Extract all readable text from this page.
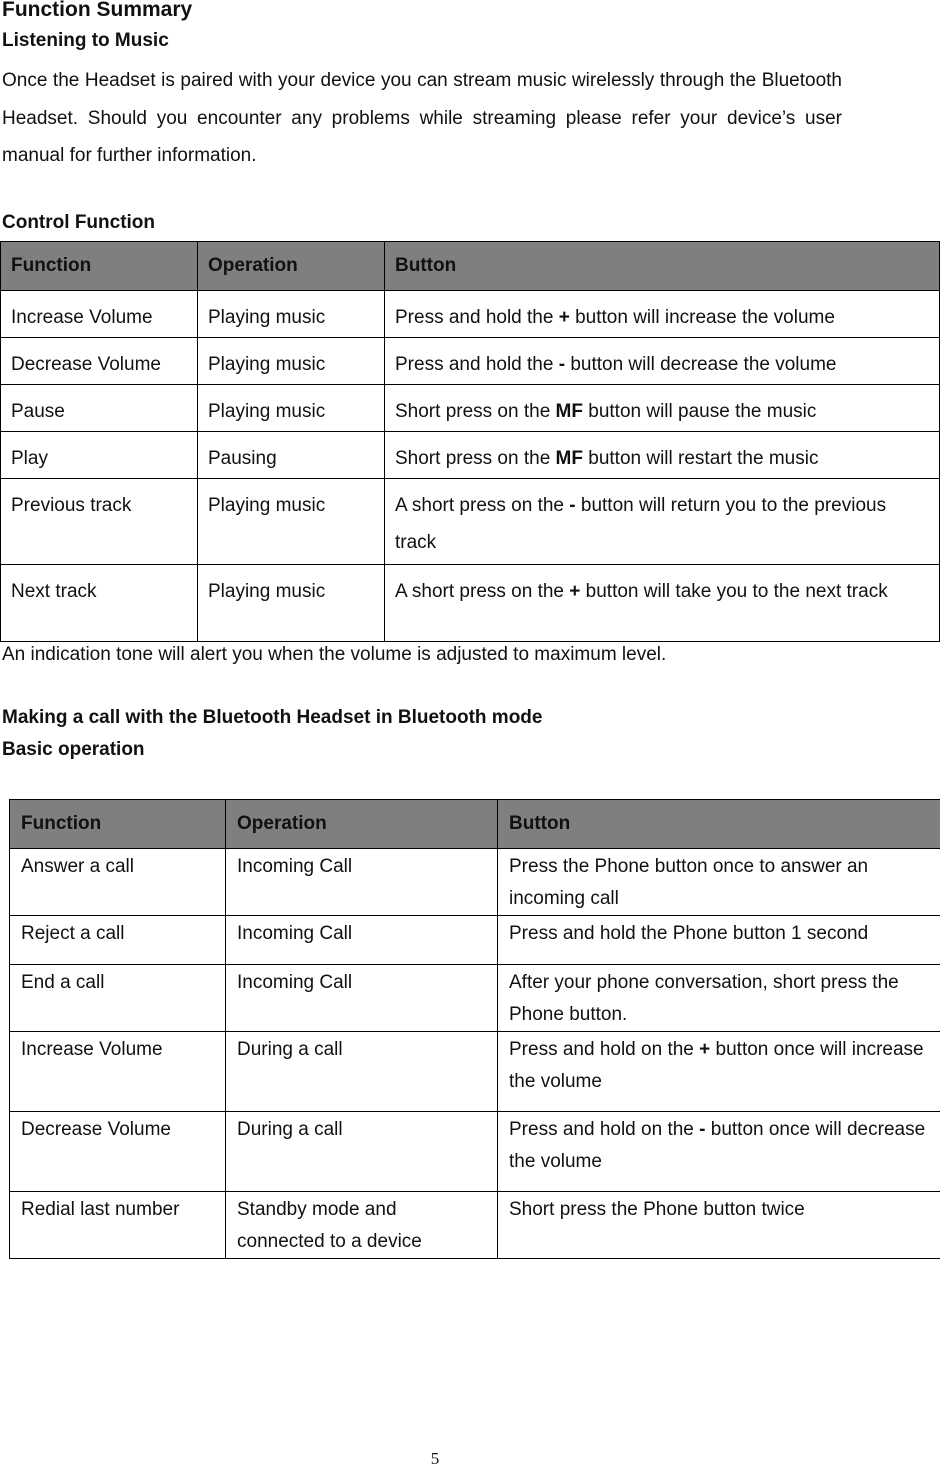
Function Summary
Listening to Music
Once the Headset is paired with your device you can stream music wirelessly through the Bluetooth Headset. Should you encounter any problems while streaming please refer your device’s user manual for further information.
Control Function
Function	Operation	Button
Increase Volume	Playing music	Press and hold the + button will increase the volume
Decrease Volume	Playing music	Press and hold the - button will decrease the volume
Pause	Playing music	Short press on the MF button will pause the music
Play	Pausing	Short press on the MF button will restart the music
Previous track	Playing music	A short press on the - button will return you to the previous track
Next track	Playing music	A short press on the + button will take you to the next track
An indication tone will alert you when the volume is adjusted to maximum level.
Making a call with the Bluetooth Headset in Bluetooth mode
Basic operation
Function	Operation	Button
Answer a call	Incoming Call	Press the Phone button once to answer an incoming call
Reject a call	Incoming Call	Press and hold the Phone button 1 second
End a call	Incoming Call	After your phone conversation, short press the Phone button.
Increase Volume	During a call	Press and hold on the + button once will increase the volume
Decrease Volume	During a call	Press and hold on the - button once will decrease the volume
Redial last number	Standby mode and connected to a device	Short press the Phone button twice
5
